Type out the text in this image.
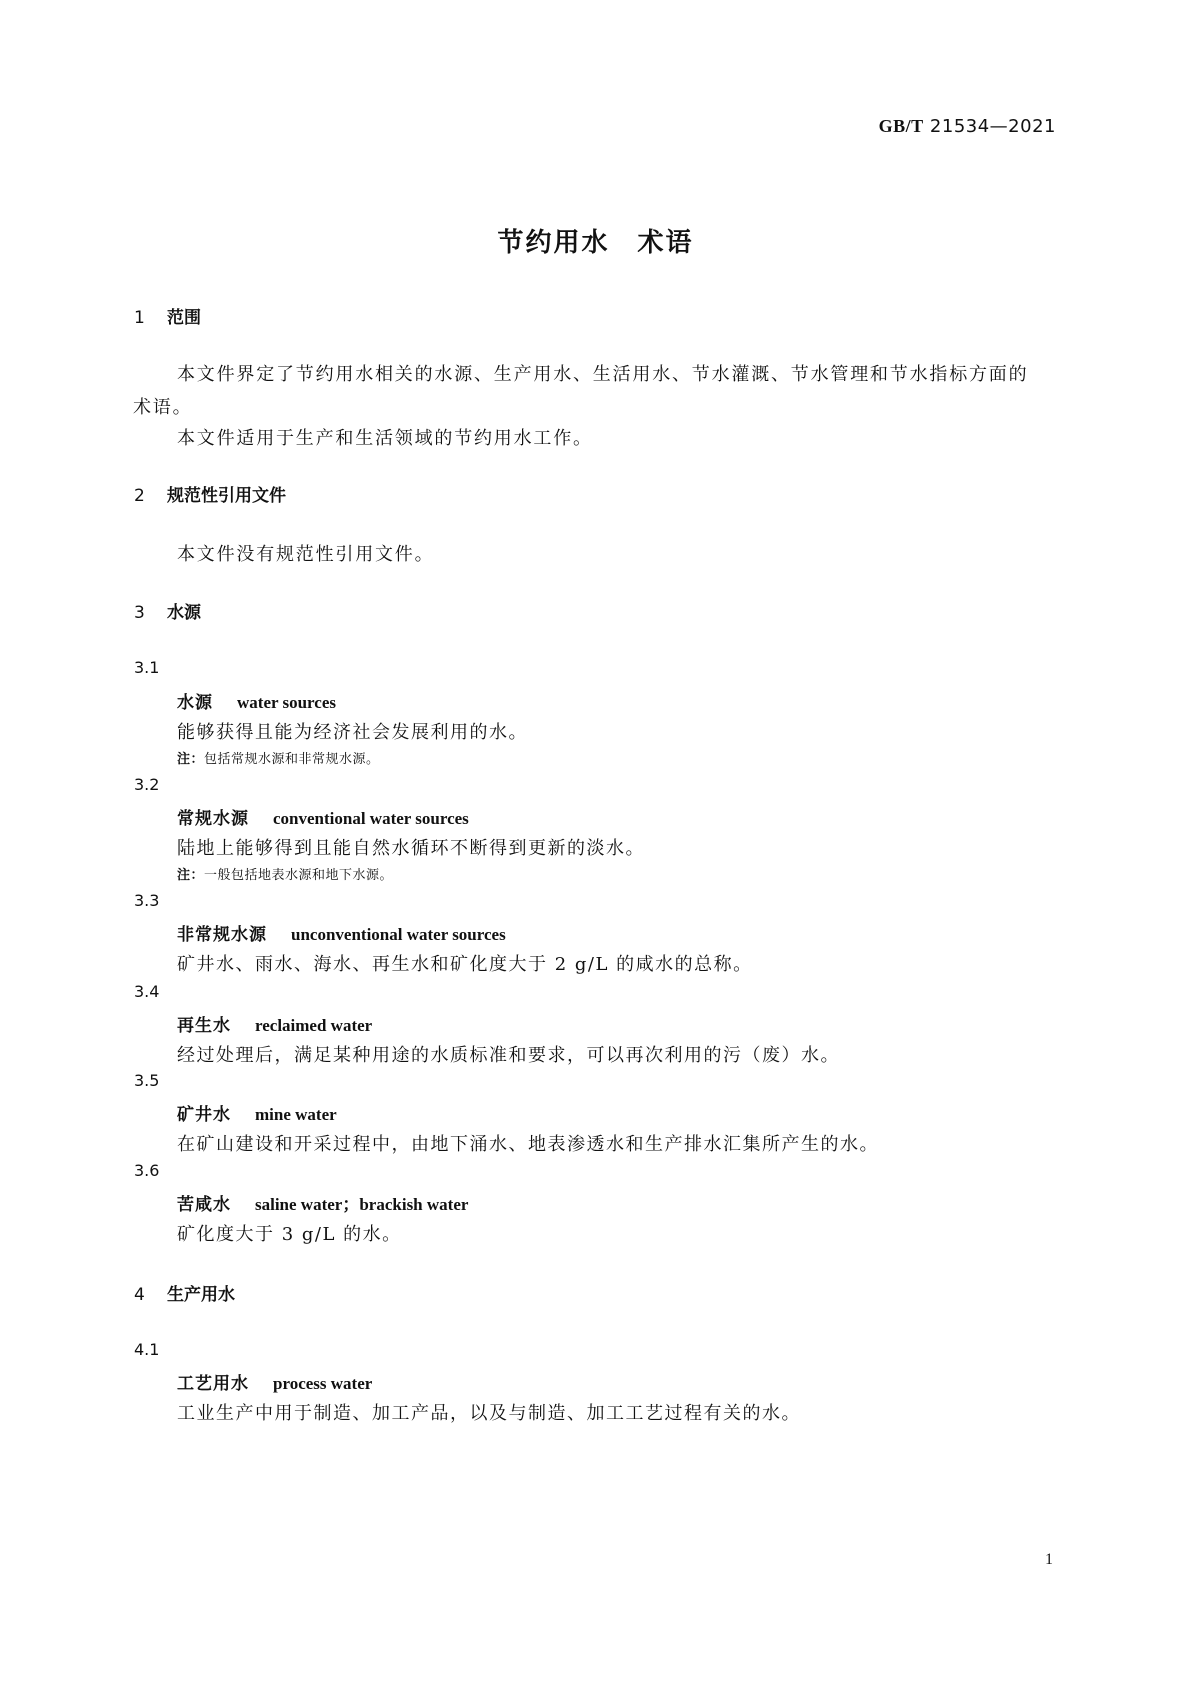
GB/T 21534—2021
节约用水　术语
1 范围
本文件界定了节约用水相关的水源、生产用水、生活用水、节水灌溉、节水管理和节水指标方面的
术语。
本文件适用于生产和生活领域的节约用水工作。
2 规范性引用文件
本文件没有规范性引用文件。
3 水源
3.1
水源 water sources
能够获得且能为经济社会发展利用的水。
注：包括常规水源和非常规水源。
3.2
常规水源 conventional water sources
陆地上能够得到且能自然水循环不断得到更新的淡水。
注：一般包括地表水源和地下水源。
3.3
非常规水源 unconventional water sources
矿井水、雨水、海水、再生水和矿化度大于 2 g/L 的咸水的总称。
3.4
再生水 reclaimed water
经过处理后，满足某种用途的水质标准和要求，可以再次利用的污（废）水。
3.5
矿井水 mine water
在矿山建设和开采过程中，由地下涌水、地表渗透水和生产排水汇集所产生的水。
3.6
苦咸水 saline water；brackish water
矿化度大于 3 g/L 的水。
4 生产用水
4.1
工艺用水 process water
工业生产中用于制造、加工产品，以及与制造、加工工艺过程有关的水。
1
